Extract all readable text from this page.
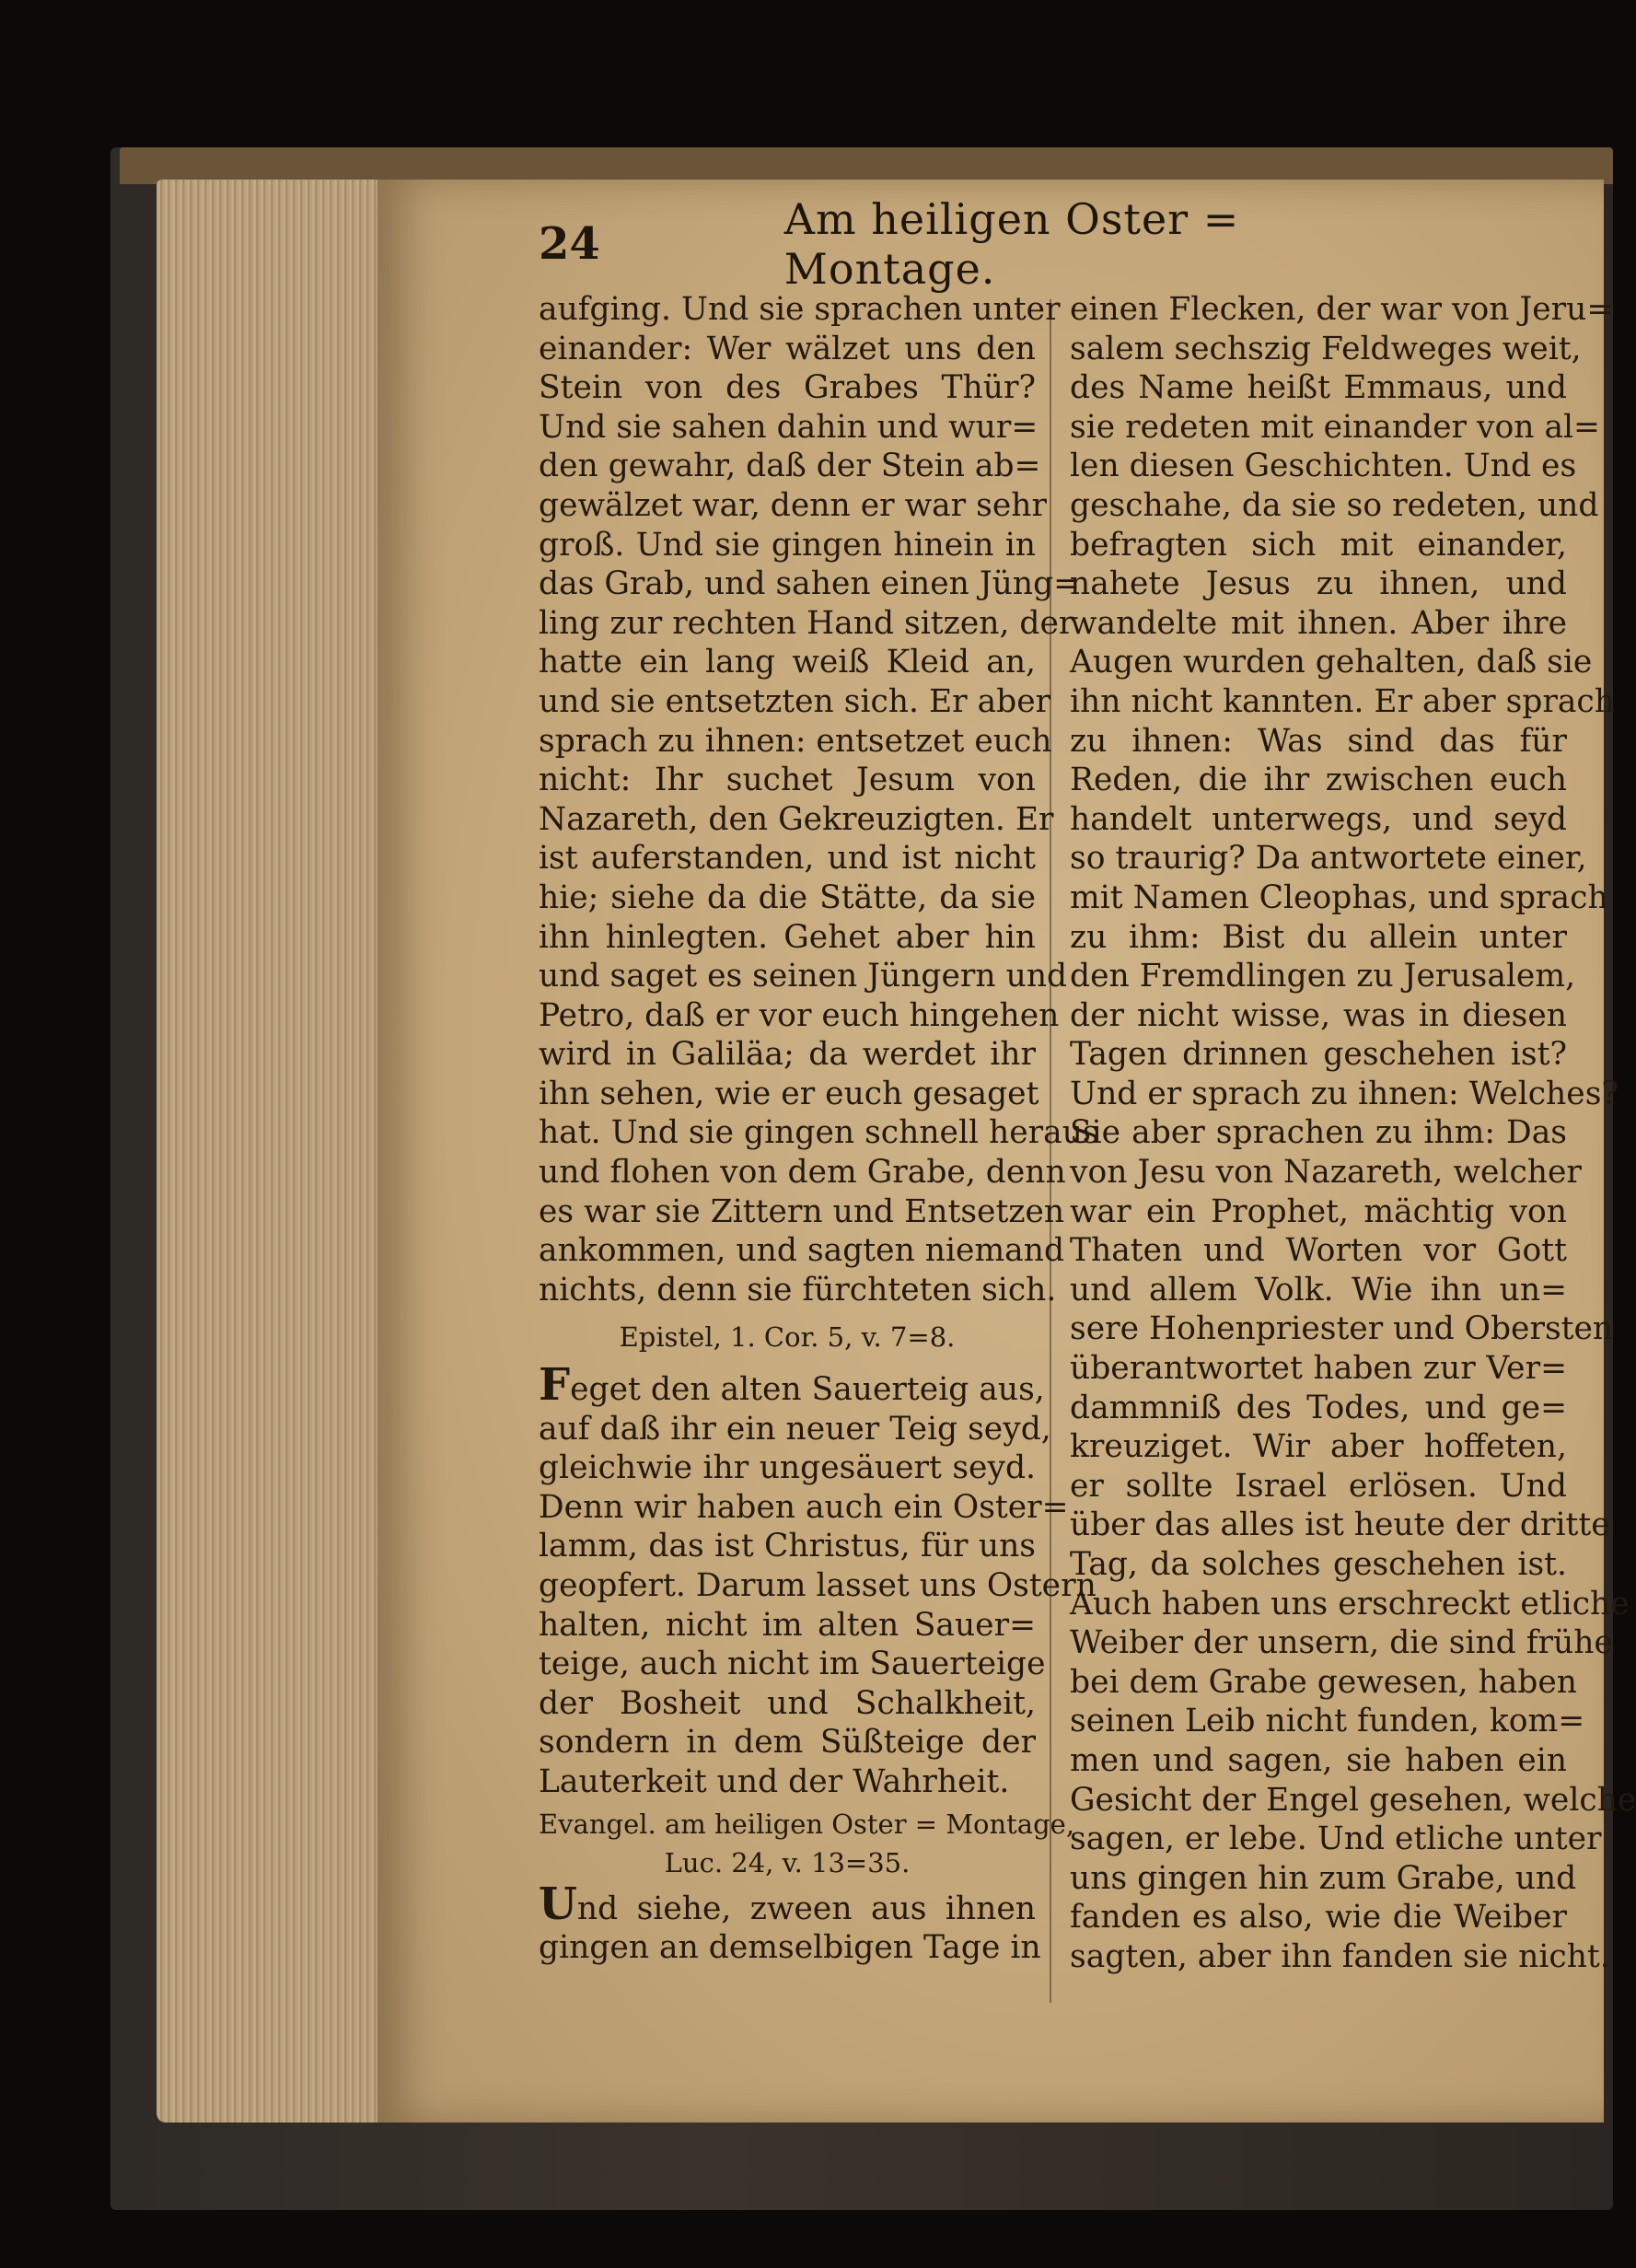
24	Am heiligen Oster = Montage.
aufging. Und sie sprachen unter
einander: Wer wälzet uns den
Stein von des Grabes Thür?
Und sie sahen dahin und wur=
den gewahr, daß der Stein ab=
gewälzet war, denn er war sehr
groß. Und sie gingen hinein in
das Grab, und sahen einen Jüng=
ling zur rechten Hand sitzen, der
hatte ein lang weiß Kleid an,
und sie entsetzten sich. Er aber
sprach zu ihnen: entsetzet euch
nicht: Ihr suchet Jesum von
Nazareth, den Gekreuzigten. Er
ist auferstanden, und ist nicht
hie; siehe da die Stätte, da sie
ihn hinlegten. Gehet aber hin
und saget es seinen Jüngern und
Petro, daß er vor euch hingehen
wird in Galiläa; da werdet ihr
ihn sehen, wie er euch gesaget
hat. Und sie gingen schnell heraus
und flohen von dem Grabe, denn
es war sie Zittern und Entsetzen
ankommen, und sagten niemand
nichts, denn sie fürchteten sich.
Epistel, 1. Cor. 5, v. 7=8.
Feget den alten Sauerteig aus,
auf daß ihr ein neuer Teig seyd,
gleichwie ihr ungesäuert seyd.
Denn wir haben auch ein Oster=
lamm, das ist Christus, für uns
geopfert. Darum lasset uns Ostern
halten, nicht im alten Sauer=
teige, auch nicht im Sauerteige
der Bosheit und Schalkheit,
sondern in dem Süßteige der
Lauterkeit und der Wahrheit.
Evangel. am heiligen Oster = Montage,
Luc. 24, v. 13=35.
Und siehe, zween aus ihnen
gingen an demselbigen Tage in
einen Flecken, der war von Jeru=
salem sechszig Feldweges weit,
des Name heißt Emmaus, und
sie redeten mit einander von al=
len diesen Geschichten. Und es
geschahe, da sie so redeten, und
befragten sich mit einander,
nahete Jesus zu ihnen, und
wandelte mit ihnen. Aber ihre
Augen wurden gehalten, daß sie
ihn nicht kannten. Er aber sprach
zu ihnen: Was sind das für
Reden, die ihr zwischen euch
handelt unterwegs, und seyd
so traurig? Da antwortete einer,
mit Namen Cleophas, und sprach
zu ihm: Bist du allein unter
den Fremdlingen zu Jerusalem,
der nicht wisse, was in diesen
Tagen drinnen geschehen ist?
Und er sprach zu ihnen: Welches?
Sie aber sprachen zu ihm: Das
von Jesu von Nazareth, welcher
war ein Prophet, mächtig von
Thaten und Worten vor Gott
und allem Volk. Wie ihn un=
sere Hohenpriester und Obersten
überantwortet haben zur Ver=
dammniß des Todes, und ge=
kreuziget. Wir aber hoffeten,
er sollte Israel erlösen. Und
über das alles ist heute der dritte
Tag, da solches geschehen ist.
Auch haben uns erschreckt etliche
Weiber der unsern, die sind frühe
bei dem Grabe gewesen, haben
seinen Leib nicht funden, kom=
men und sagen, sie haben ein
Gesicht der Engel gesehen, welche
sagen, er lebe. Und etliche unter
uns gingen hin zum Grabe, und
fanden es also, wie die Weiber
sagten, aber ihn fanden sie nicht.
